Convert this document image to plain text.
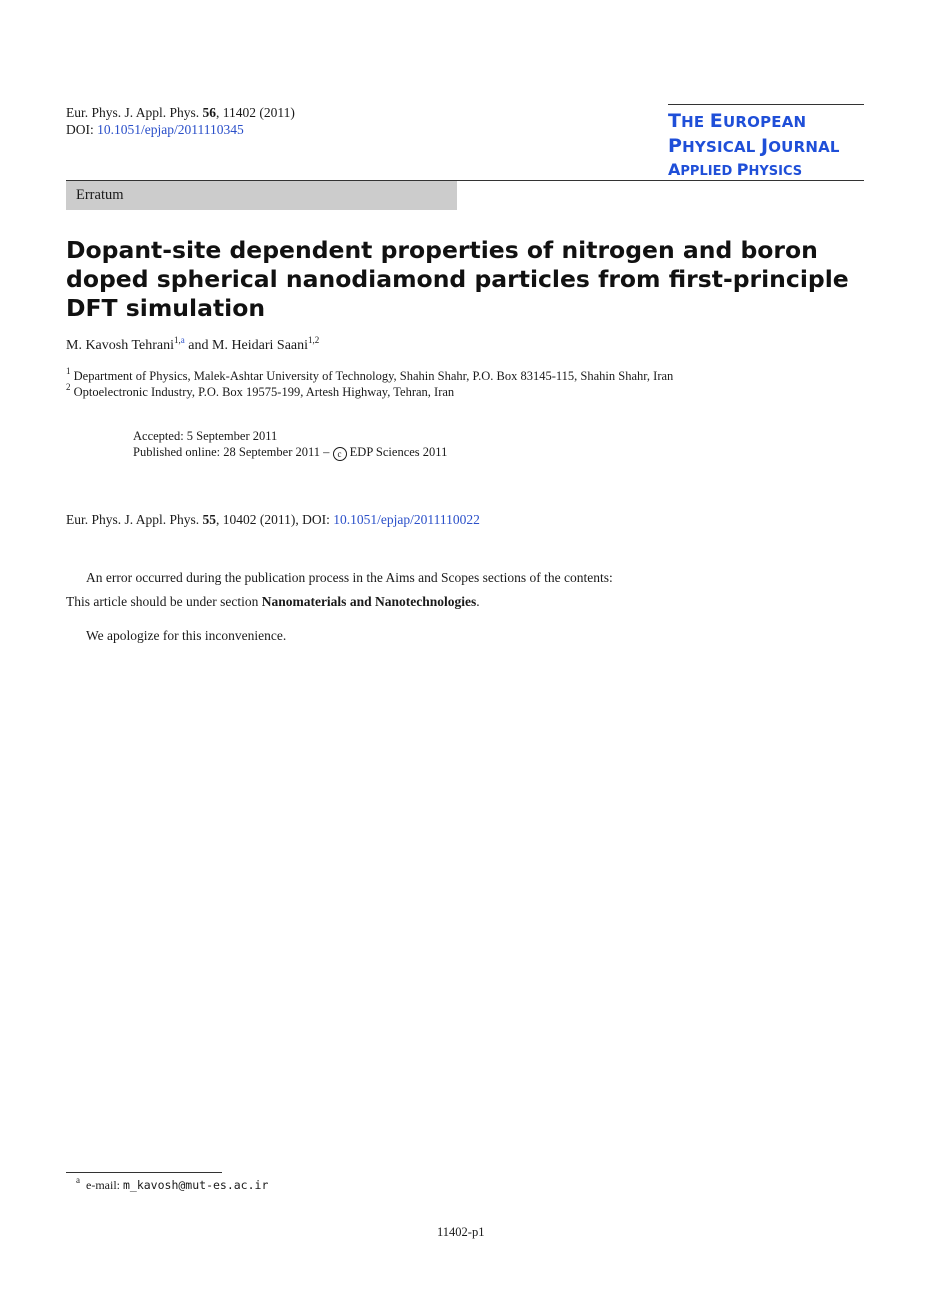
Eur. Phys. J. Appl. Phys. 56, 11402 (2011)
DOI: 10.1051/epjap/2011110345	THE EUROPEAN
PHYSICAL JOURNAL
APPLIED PHYSICS
Erratum
Dopant-site dependent properties of nitrogen and boron doped spherical nanodiamond particles from first-principle DFT simulation
M. Kavosh Tehrani$^{1,a}$ and M. Heidari Saani$^{1,2}$
$^1$ Department of Physics, Malek-Ashtar University of Technology, Shahin Shahr, P.O. Box 83145-115, Shahin Shahr, Iran
$^2$ Optoelectronic Industry, P.O. Box 19575-199, Artesh Highway, Tehran, Iran
Accepted: 5 September 2011
Published online: 28 September 2011 – c EDP Sciences 2011
Eur. Phys. J. Appl. Phys. 55, 10402 (2011), DOI: 10.1051/epjap/2011110022
An error occurred during the publication process in the Aims and Scopes sections of the contents:
This article should be under section Nanomaterials and Nanotechnologies.
We apologize for this inconvenience.
$^a$ e-mail: m_kavosh@mut-es.ac.ir
11402-p1
